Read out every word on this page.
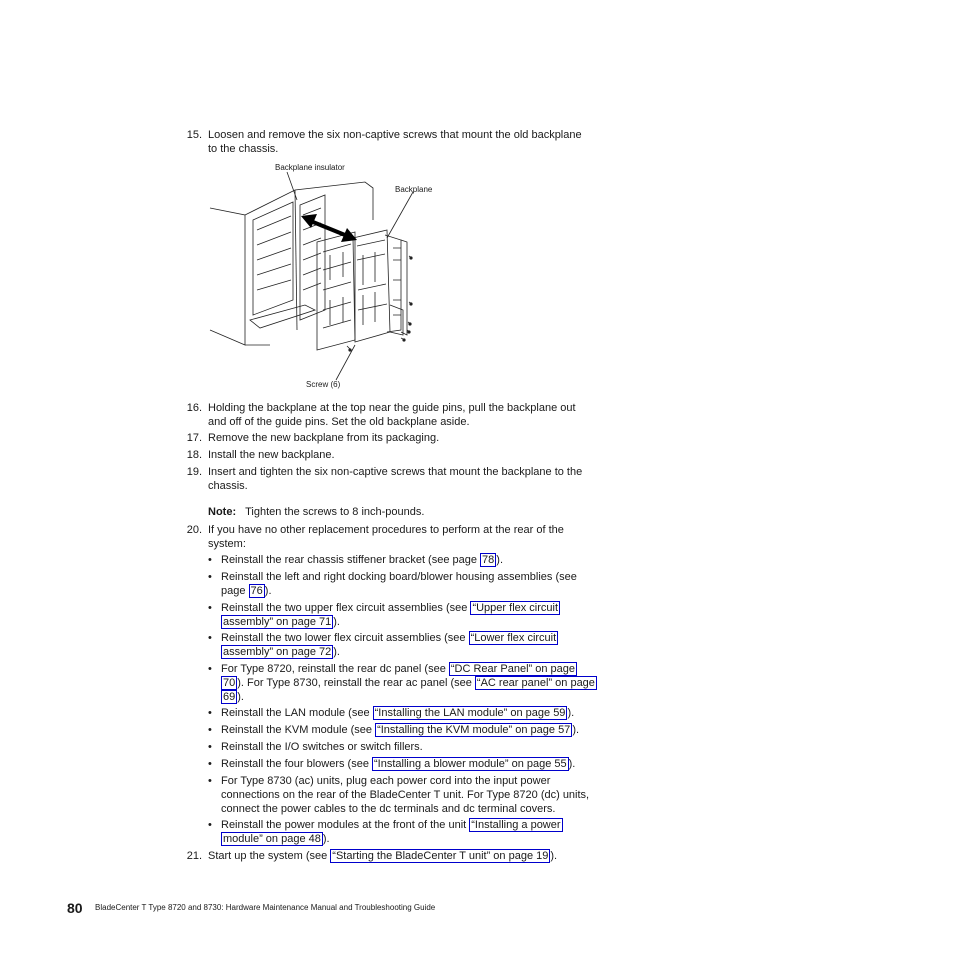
15. Loosen and remove the six non-captive screws that mount the old backplane
to the chassis.
Backplane insulator
Backplane
Screw (6)
16. Holding the backplane at the top near the guide pins, pull the backplane out
and off of the guide pins. Set the old backplane aside.
17. Remove the new backplane from its packaging.
18. Install the new backplane.
19. Insert and tighten the six non-captive screws that mount the backplane to the
chassis.
Note: Tighten the screws to 8 inch-pounds.
20. If you have no other replacement procedures to perform at the rear of the
system:
• Reinstall the rear chassis stiffener bracket (see page 78 ).
• Reinstall the left and right docking board/blower housing assemblies (see
page 76 ).
• Reinstall the two upper flex circuit assemblies (see “Upper flex circuit
assembly” on page 71 ).
• Reinstall the two lower flex circuit assemblies (see “Lower flex circuit
assembly” on page 72 ).
• For Type 8720, reinstall the rear dc panel (see “DC Rear Panel” on page
70 ). For Type 8730, reinstall the rear ac panel (see “AC rear panel” on page
69 ).
• Reinstall the LAN module (see “Installing the LAN module” on page 59 ).
• Reinstall the KVM module (see “Installing the KVM module” on page 57 ).
• Reinstall the I/O switches or switch fillers.
• Reinstall the four blowers (see “Installing a blower module” on page 55 ).
• For Type 8730 (ac) units, plug each power cord into the input power
connections on the rear of the BladeCenter T unit. For Type 8720 (dc) units,
connect the power cables to the dc terminals and dc terminal covers.
• Reinstall the power modules at the front of the unit “Installing a power
module” on page 48 ).
21. Start up the system (see “Starting the BladeCenter T unit” on page 19 ).
80 BladeCenter T Type 8720 and 8730: Hardware Maintenance Manual and Troubleshooting Guide
